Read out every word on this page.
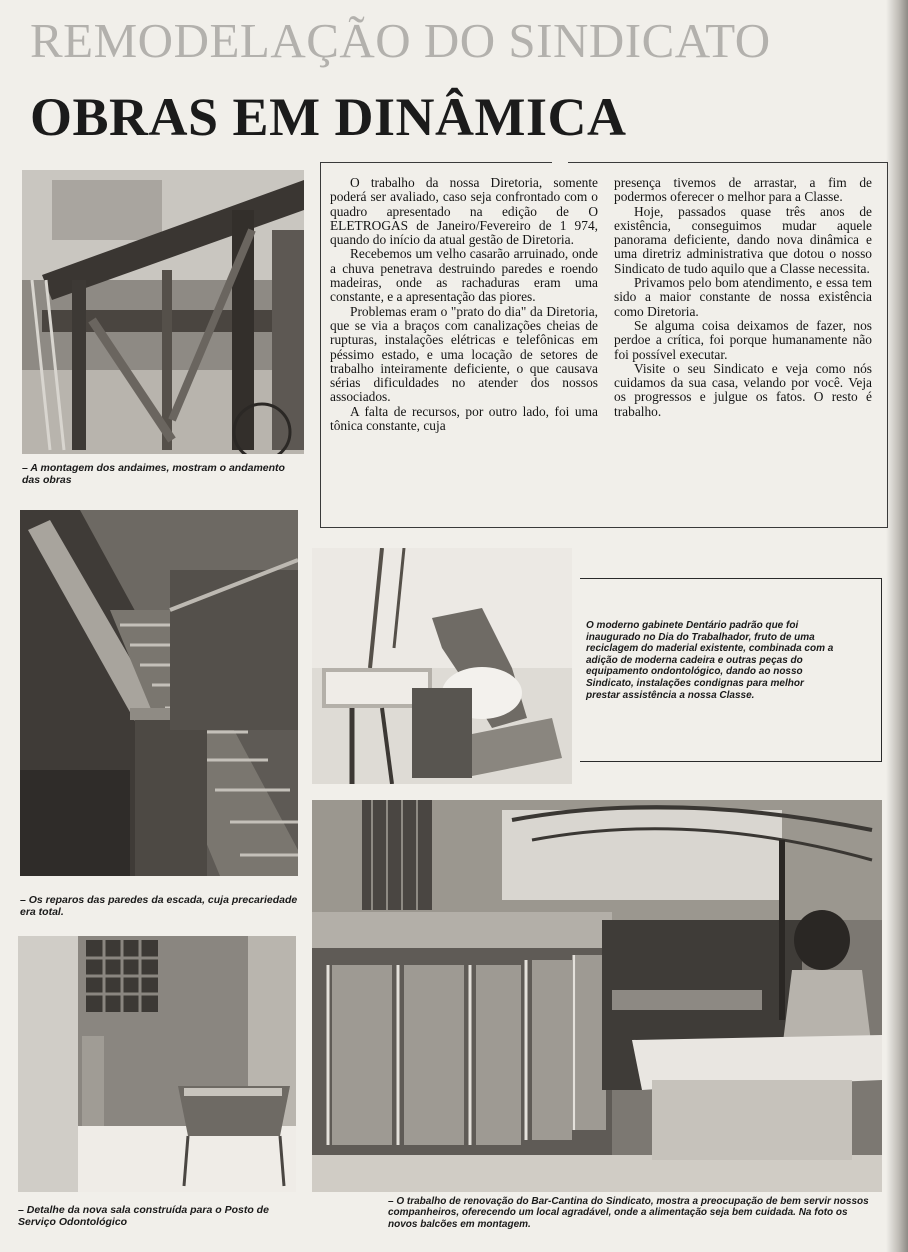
REMODELAÇÃO DO SINDICATO
OBRAS EM DINÂMICA
– A montagem dos andaimes, mostram o andamento das obras

O trabalho da nossa Diretoria, somente poderá ser avaliado, caso seja confrontado com o quadro apresentado na edição de O ELETROGAS de Janeiro/Fevereiro de 1 974, quando do início da atual gestão de Diretoria.

Recebemos um velho casarão arruinado, onde a chuva penetrava destruindo paredes e roendo madeiras, onde as rachaduras eram uma constante, e a apresentação das piores.

Problemas eram o "prato do dia" da Diretoria, que se via a braços com canalizações cheias de rupturas, instalações elétricas e telefônicas em péssimo estado, e uma locação de setores de trabalho inteiramente deficiente, o que causava sérias dificuldades no atender dos nossos associados.

A falta de recursos, por outro lado, foi uma tônica constante, cuja

presença tivemos de arrastar, a fim de podermos oferecer o melhor para a Classe.

Hoje, passados quase três anos de existência, conseguimos mudar aquele panorama deficiente, dando nova dinâmica e uma diretriz administrativa que dotou o nosso Sindicato de tudo aquilo que a Classe necessita.

Privamos pelo bom atendimento, e essa tem sido a maior constante de nossa existência como Diretoria.

Se alguma coisa deixamos de fazer, nos perdoe a crítica, foi porque humanamente não foi possível executar.

Visite o seu Sindicato e veja como nós cuidamos da sua casa, velando por você. Veja os progressos e julgue os fatos. O resto é trabalho.

– Os reparos das paredes da escada, cuja precariedade era total.
O moderno gabinete Dentário padrão que foi inaugurado no Dia do Trabalhador, fruto de uma reciclagem do maderial existente, combinada com a adição de moderna cadeira e outras peças do equipamento ondontológico, dando ao nosso Sindicato, instalações condignas para melhor prestar assistência a nossa Classe.
– Detalhe da nova sala construída para o Posto de Serviço Odontológico
– O trabalho de renovação do Bar-Cantina do Sindicato, mostra a preocupação de bem servir nossos companheiros, oferecendo um local agradável, onde a alimentação seja bem cuidada. Na foto os novos balcões em montagem.
